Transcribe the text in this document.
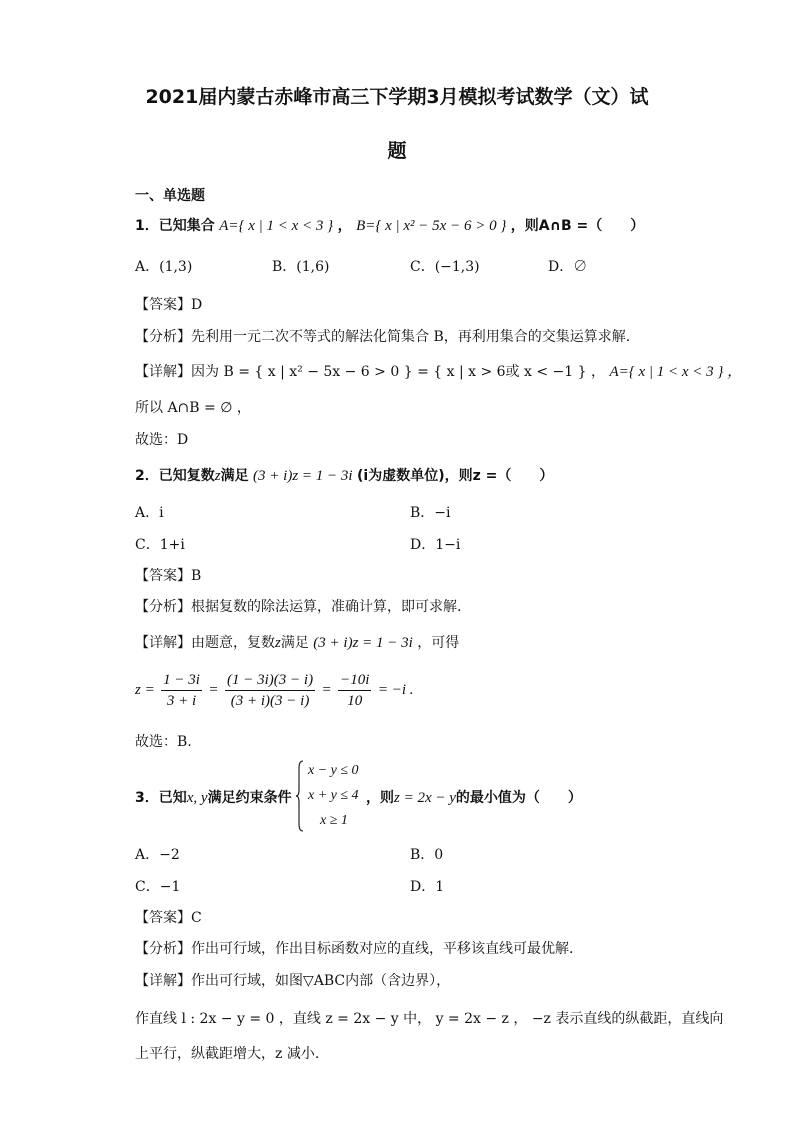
2021届内蒙古赤峰市高三下学期3月模拟考试数学（文）试
题
一、单选题
1．已知集合 A={ x | 1 < x < 3 } ， B={ x | x² − 5x − 6 > 0 } ，则A∩B =（　　）
A．(1,3)	B．(1,6)	C．(−1,3)	D．∅
【答案】D
【分析】先利用一元二次不等式的解法化简集合 B，再利用集合的交集运算求解.
【详解】因为 B = { x | x² − 5x − 6 > 0 } = { x | x > 6或 x < −1 } ， A={ x | 1 < x < 3 } ，
所以 A∩B = ∅ ，
故选：D
2．已知复数z满足 (3 + i)z = 1 − 3i (i为虚数单位)，则z =（　　）
A．i	B．−i
C．1+i	D．1−i
【答案】B
【分析】根据复数的除法运算，准确计算，即可求解.
【详解】由题意，复数z满足 (3 + i)z = 1 − 3i ，可得
$z = \frac{1 - 3i}{3 + i} = \frac{(1 - 3i)(3 - i)}{(3 + i)(3 - i)} = \frac{-10i}{10} = -i$ .
故选：B.
3．已知x, y满足约束条件
x − y ≤ 0
x + y ≤ 4
x ≥ 1
，则z = 2x − y的最小值为（　　）
A．−2	B．0
C．−1	D．1
【答案】C
【分析】作出可行域，作出目标函数对应的直线，平移该直线可最优解．
【详解】作出可行域，如图▽ABC内部（含边界），
作直线 l : 2x − y = 0 ，直线 z = 2x − y 中， y = 2x − z ， −z 表示直线的纵截距，直线向
上平行，纵截距增大，z 减小.
